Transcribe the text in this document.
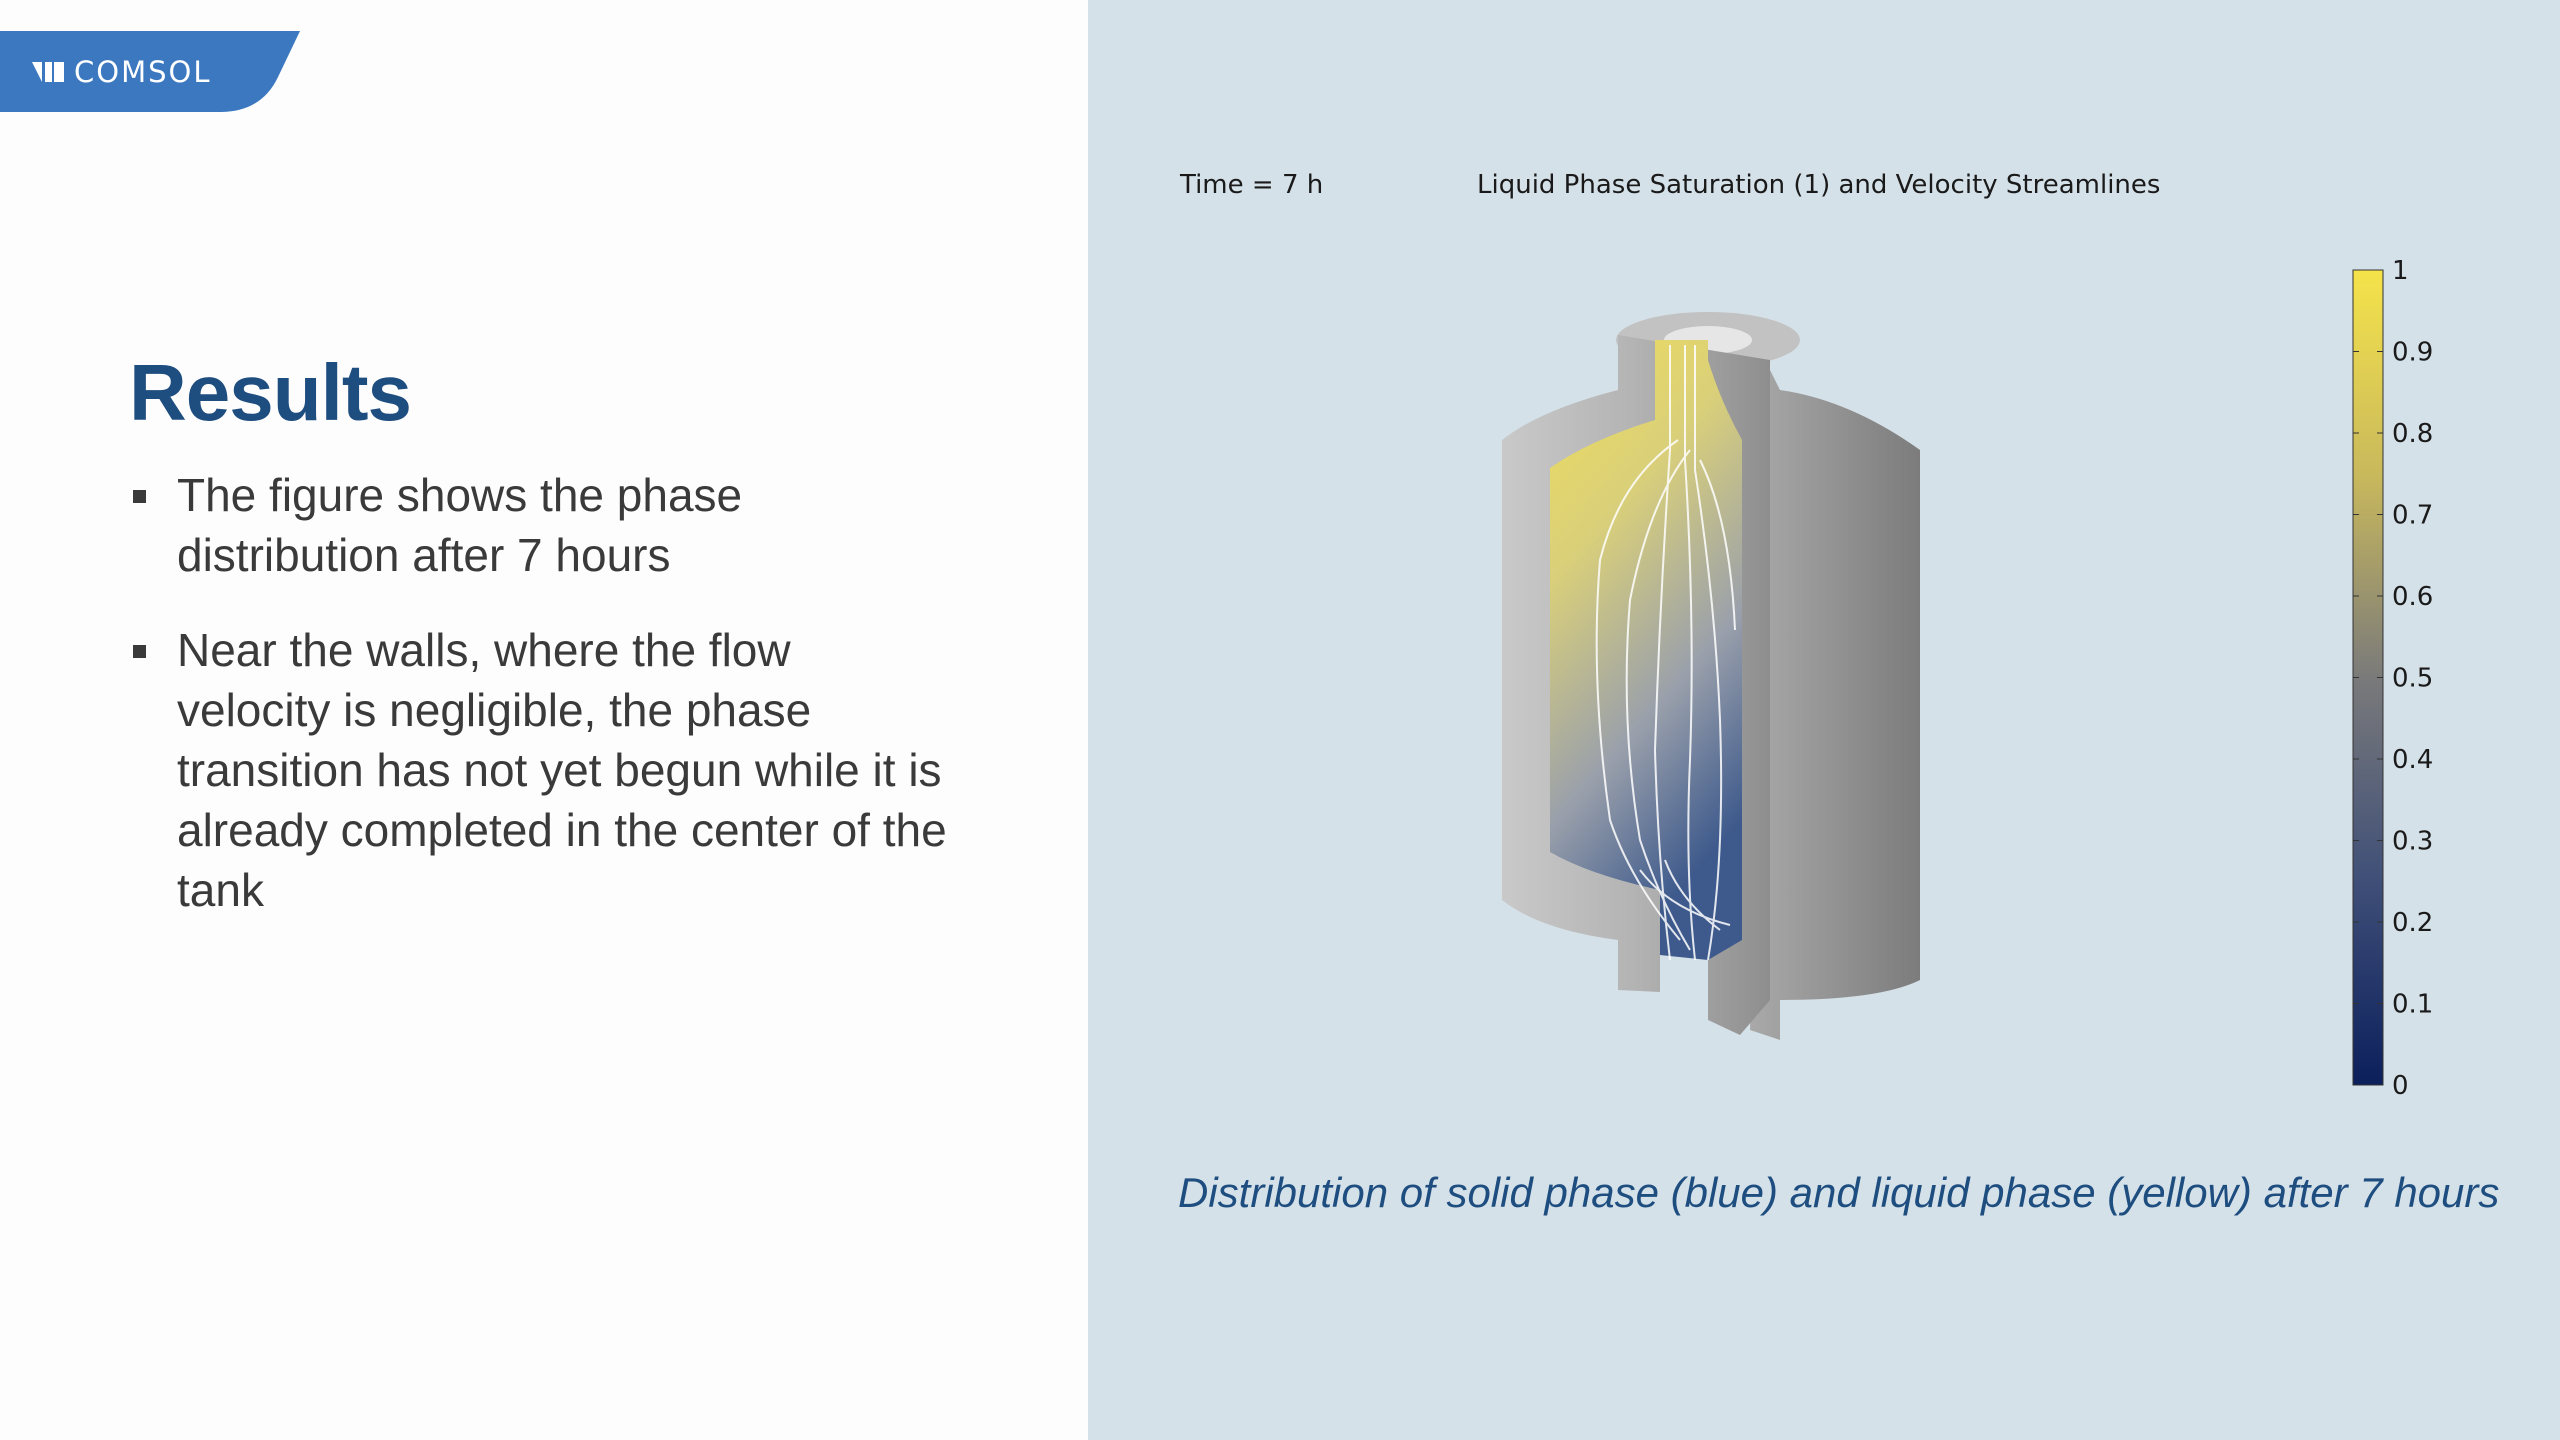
COMSOL
Results
The figure shows the phase distribution after 7 hours
Near the walls, where the flow velocity is negligible, the phase transition has not yet begun while it is already completed in the center of the tank
Time = 7 h	Liquid Phase Saturation (1) and Velocity Streamlines
1
0.9
0.8
0.7
0.6
0.5
0.4
0.3
0.2
0.1
0
Distribution of solid phase (blue) and liquid phase (yellow) after 7 hours
